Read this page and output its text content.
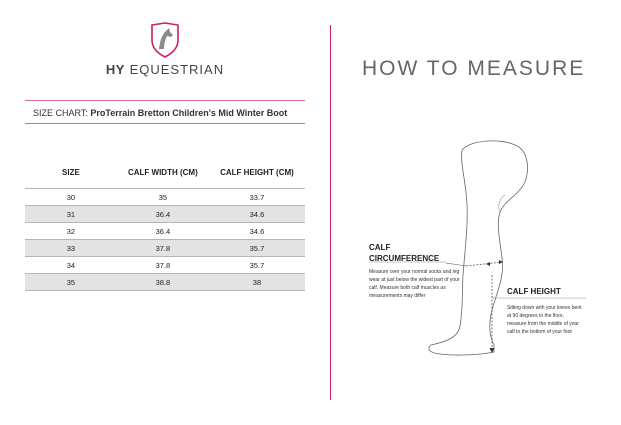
HY EQUESTRIAN
SIZE CHART: ProTerrain Bretton Children's Mid Winter Boot
SIZE	CALF WIDTH (CM)	CALF HEIGHT (CM)
30	35	33.7
31	36.4	34.6
32	36.4	34.6
33	37.8	35.7
34	37.8	35.7
35	38.8	38
HOW TO MEASURE
CALF
CIRCUMFERENCE
Measure over your normal socks and leg wear at just below the widest part of your calf. Measure both calf muscles as measurements may differ	CALF HEIGHT
Sitting down with your knees bent at 90 degrees to the floor, measure from the middle of your calf to the bottom of your foot
